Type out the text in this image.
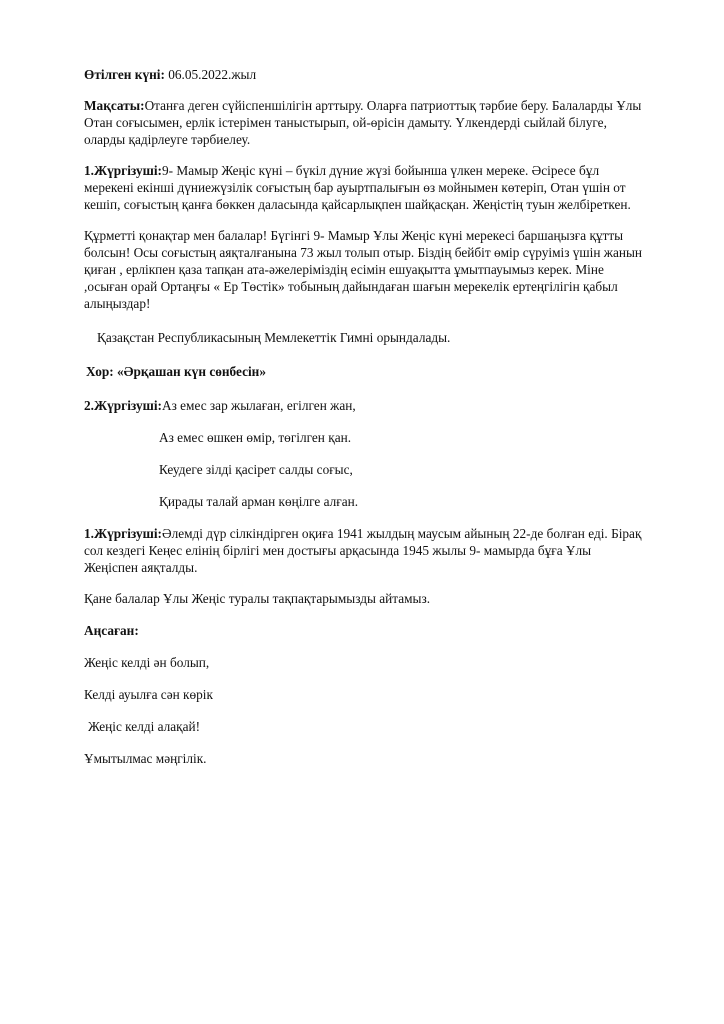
Өтілген күні: 06.05.2022.жыл

Мақсаты:Отанға деген сүйіспеншілігін арттыру. Оларға патриоттық тәрбие беру. Балаларды Ұлы Отан соғысымен, ерлік істерімен таныстырып, ой-өрісін дамыту. Үлкендерді сыйлай білуге, оларды қадірлеуге тәрбиелеу.

1.Жүргізуші:9- Мамыр Жеңіс күні – бүкіл дүние жүзі бойынша үлкен мереке. Әсіресе бұл мерекені екінші дүниежүзілік соғыстың бар ауыртпалығын өз мойнымен көтеріп, Отан үшін от кешіп, соғыстың қанға бөккен даласында қайсарлықпен шайқасқан. Жеңістің туын желбіреткен.

Құрметті қонақтар мен балалар! Бүгінгі 9- Мамыр Ұлы Жеңіс күні мерекесі баршаңызға құтты болсын! Осы соғыстың аяқталғанына 73 жыл толып отыр. Біздің бейбіт өмір сүруіміз үшін жанын қиған , ерлікпен қаза тапқан ата-әжелеріміздің есімін ешуақытта ұмытпауымыз керек. Міне ,осыған орай Ортаңғы « Ер Төстік» тобының дайындаған шағын мерекелік ертеңгілігін қабыл алыңыздар!

Қазақстан Республикасының Мемлекеттік Гимні орындалады.

Хор: «Әрқашан күн сөнбесін»

2.Жүргізуші:Аз емес зар жылаған, егілген жан,

Аз емес өшкен өмір, төгілген қан.

Кеудеге зілді қасірет салды соғыс,

Қирады талай арман көңілге алған.

1.Жүргізуші:Әлемді дүр сілкіндірген оқиға 1941 жылдың маусым айының 22-де болған еді. Бірақ сол кездегі Кеңес елінің бірлігі мен достығы арқасында 1945 жылы 9- мамырда бұға Ұлы Жеңіспен аяқталды.

Қане балалар Ұлы Жеңіс туралы тақпақтарымызды айтамыз.

Аңсаған:

Жеңіс келді ән болып,

Келді ауылға сән көрік

Жеңіс келді алақай!

Ұмытылмас мәңгілік.
